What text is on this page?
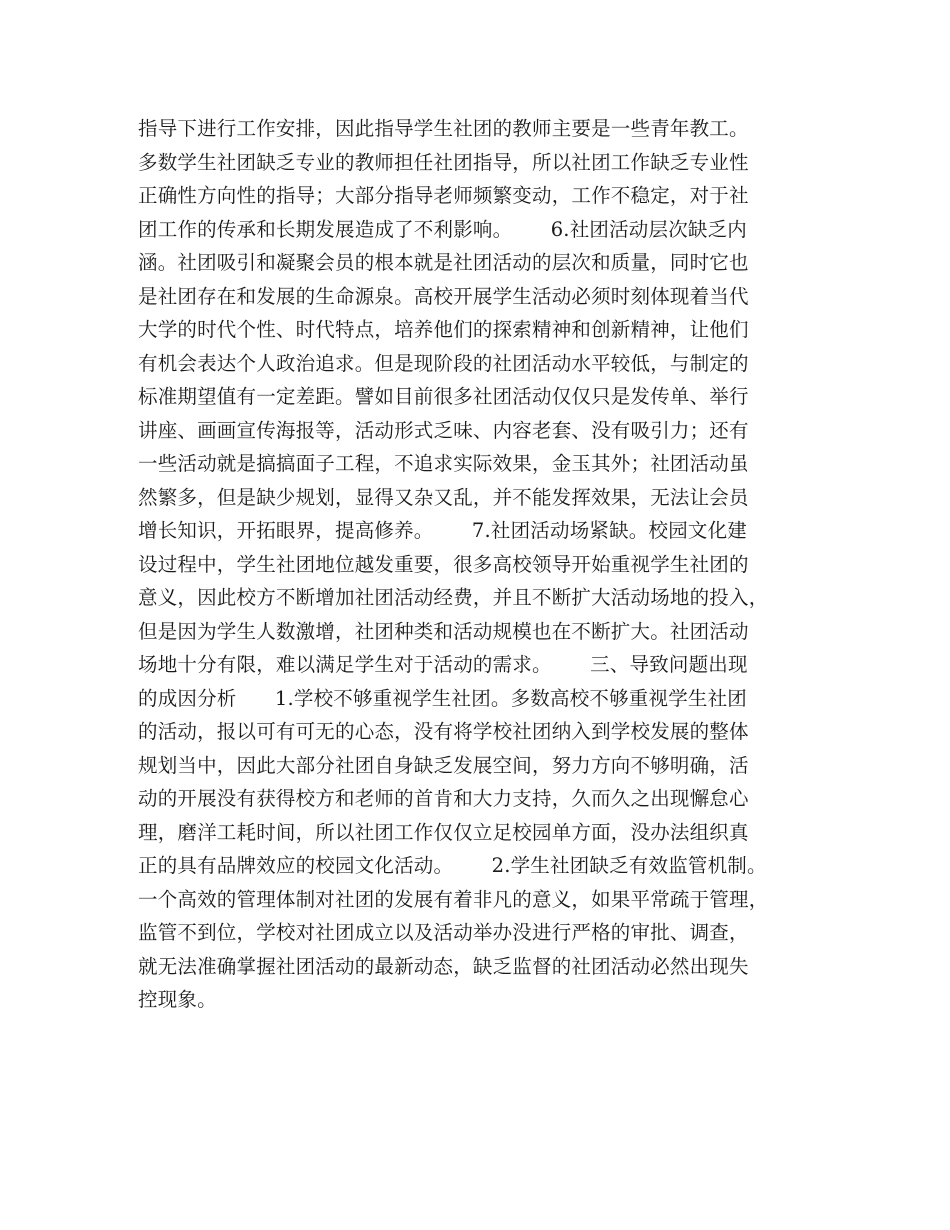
指导下进行工作安排，因此指导学生社团的教师主要是一些青年教工。
多数学生社团缺乏专业的教师担任社团指导，所以社团工作缺乏专业性
正确性方向性的指导；大部分指导老师频繁变动，工作不稳定，对于社
团工作的传承和长期发展造成了不利影响。      6.社团活动层次缺乏内
涵。社团吸引和凝聚会员的根本就是社团活动的层次和质量，同时它也
是社团存在和发展的生命源泉。高校开展学生活动必须时刻体现着当代
大学的时代个性、时代特点，培养他们的探索精神和创新精神，让他们
有机会表达个人政治追求。但是现阶段的社团活动水平较低，与制定的
标准期望值有一定差距。譬如目前很多社团活动仅仅只是发传单、举行
讲座、画画宣传海报等，活动形式乏味、内容老套、没有吸引力；还有
一些活动就是搞搞面子工程，不追求实际效果，金玉其外；社团活动虽
然繁多，但是缺少规划，显得又杂又乱，并不能发挥效果，无法让会员
增长知识，开拓眼界，提高修养。      7.社团活动场紧缺。校园文化建
设过程中，学生社团地位越发重要，很多高校领导开始重视学生社团的
意义，因此校方不断增加社团活动经费，并且不断扩大活动场地的投入，
但是因为学生人数激增，社团种类和活动规模也在不断扩大。社团活动
场地十分有限，难以满足学生对于活动的需求。      三、导致问题出现
的成因分析      1.学校不够重视学生社团。多数高校不够重视学生社团
的活动，报以可有可无的心态，没有将学校社团纳入到学校发展的整体
规划当中，因此大部分社团自身缺乏发展空间，努力方向不够明确，活
动的开展没有获得校方和老师的首肯和大力支持，久而久之出现懈怠心
理，磨洋工耗时间，所以社团工作仅仅立足校园单方面，没办法组织真
正的具有品牌效应的校园文化活动。      2.学生社团缺乏有效监管机制。
一个高效的管理体制对社团的发展有着非凡的意义，如果平常疏于管理，
监管不到位，学校对社团成立以及活动举办没进行严格的审批、调查，
就无法准确掌握社团活动的最新动态，缺乏监督的社团活动必然出现失
控现象。
